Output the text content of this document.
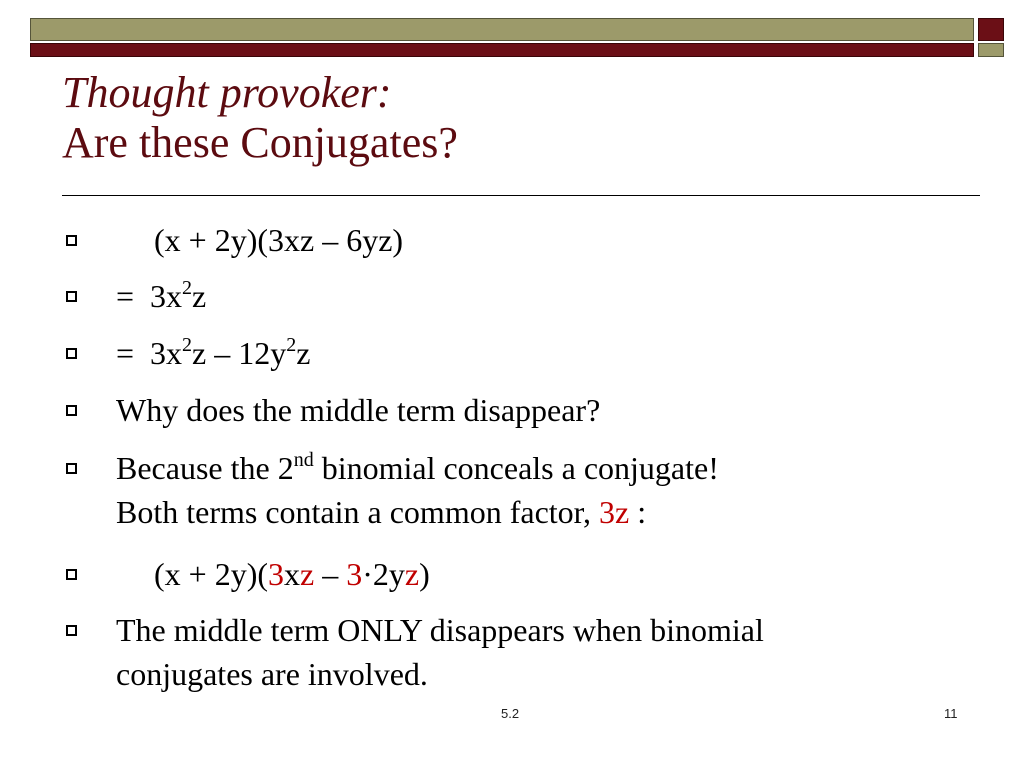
Thought provoker:
Are these Conjugates?
(x + 2y)(3xz – 6yz)
= $3x^2z$
= $3x^2z - 12y^2z$
Why does the middle term disappear?
Because the 2nd binomial conceals a conjugate!
Both terms contain a common factor, 3z :
(x + 2y)(3xz – 3·2yz)
The middle term ONLY disappears when binomial
conjugates are involved.
5.2	11
